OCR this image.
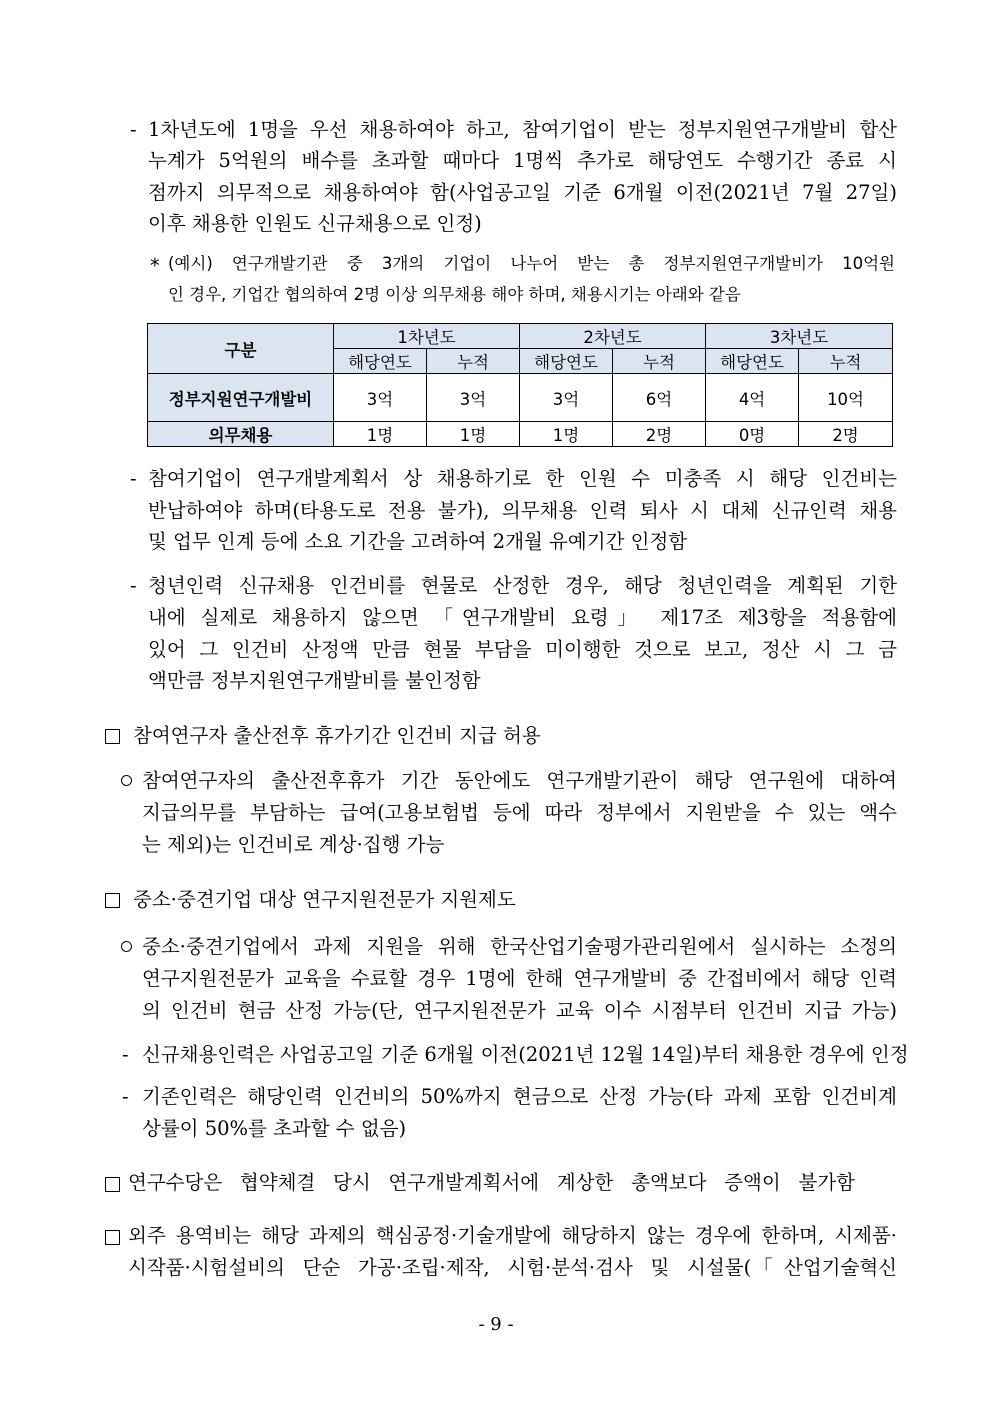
- 1차년도에 1명을 우선 채용하여야 하고, 참여기업이 받는 정부지원연구개발비 합산
누계가 5억원의 배수를 초과할 때마다 1명씩 추가로 해당연도 수행기간 종료 시
점까지 의무적으로 채용하여야 함(사업공고일 기준 6개월 이전(2021년 7월 27일)
이후 채용한 인원도 신규채용으로 인정)
* (예시) 연구개발기관 중 3개의 기업이 나누어 받는 총 정부지원연구개발비가 10억원
인 경우, 기업간 협의하여 2명 이상 의무채용 해야 하며, 채용시기는 아래와 같음
구분	1차년도		2차년도		3차년도	
	해당연도	누적	해당연도	누적	해당연도	누적
정부지원연구개발비	3억	3억	3억	6억	4억	10억
의무채용	1명	1명	1명	2명	0명	2명
- 참여기업이 연구개발계획서 상 채용하기로 한 인원 수 미충족 시 해당 인건비는
반납하여야 하며(타용도로 전용 불가), 의무채용 인력 퇴사 시 대체 신규인력 채용
및 업무 인계 등에 소요 기간을 고려하여 2개월 유예기간 인정함
- 청년인력 신규채용 인건비를 현물로 산정한 경우, 해당 청년인력을 계획된 기한
내에 실제로 채용하지 않으면 「연구개발비 요령」 제17조 제3항을 적용함에
있어 그 인건비 산정액 만큼 현물 부담을 미이행한 것으로 보고, 정산 시 그 금
액만큼 정부지원연구개발비를 불인정함
참여연구자 출산전후 휴가기간 인건비 지급 허용
참여연구자의 출산전후휴가 기간 동안에도 연구개발기관이 해당 연구원에 대하여
지급의무를 부담하는 급여(고용보험법 등에 따라 정부에서 지원받을 수 있는 액수
는 제외)는 인건비로 계상·집행 가능
중소·중견기업 대상 연구지원전문가 지원제도
중소·중견기업에서 과제 지원을 위해 한국산업기술평가관리원에서 실시하는 소정의
연구지원전문가 교육을 수료할 경우 1명에 한해 연구개발비 중 간접비에서 해당 인력
의 인건비 현금 산정 가능(단, 연구지원전문가 교육 이수 시점부터 인건비 지급 가능)
- 신규채용인력은 사업공고일 기준 6개월 이전(2021년 12월 14일)부터 채용한 경우에 인정
- 기존인력은 해당인력 인건비의 50%까지 현금으로 산정 가능(타 과제 포함 인건비계
상률이 50%를 초과할 수 없음)
연구수당은 협약체결 당시 연구개발계획서에 계상한 총액보다 증액이 불가함
외주 용역비는 해당 과제의 핵심공정·기술개발에 해당하지 않는 경우에 한하며, 시제품·
시작품·시험설비의 단순 가공·조립·제작, 시험·분석·검사 및 시설물(「산업기술혁신
- 9 -
